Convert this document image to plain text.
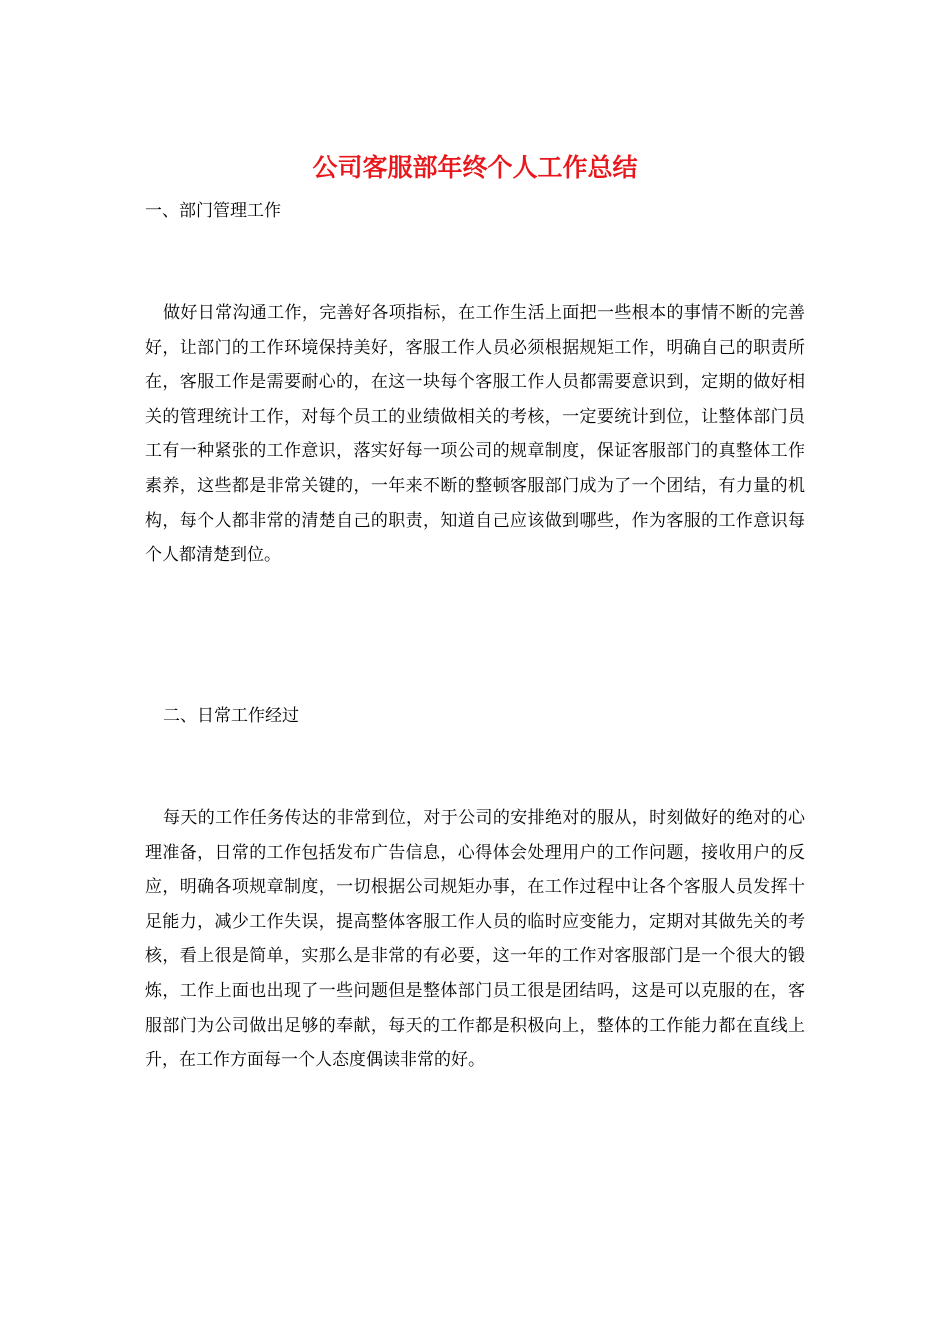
公司客服部年终个人工作总结
一、部门管理工作

做好日常沟通工作，完善好各项指标，在工作生活上面把一些根本的事情不断的完善好，让部门的工作环境保持美好，客服工作人员必须根据规矩工作，明确自己的职责所在，客服工作是需要耐心的，在这一块每个客服工作人员都需要意识到，定期的做好相关的管理统计工作，对每个员工的业绩做相关的考核，一定要统计到位，让整体部门员工有一种紧张的工作意识，落实好每一项公司的规章制度，保证客服部门的真整体工作素养，这些都是非常关键的，一年来不断的整顿客服部门成为了一个团结，有力量的机构，每个人都非常的清楚自己的职责，知道自己应该做到哪些，作为客服的工作意识每个人都清楚到位。

二、日常工作经过

每天的工作任务传达的非常到位，对于公司的安排绝对的服从，时刻做好的绝对的心理准备，日常的工作包括发布广告信息，心得体会处理用户的工作问题，接收用户的反应，明确各项规章制度，一切根据公司规矩办事，在工作过程中让各个客服人员发挥十足能力，减少工作失误，提高整体客服工作人员的临时应变能力，定期对其做先关的考核，看上很是简单，实那么是非常的有必要，这一年的工作对客服部门是一个很大的锻炼，工作上面也出现了一些问题但是整体部门员工很是团结吗，这是可以克服的在，客服部门为公司做出足够的奉献，每天的工作都是积极向上，整体的工作能力都在直线上升，在工作方面每一个人态度偶读非常的好。
